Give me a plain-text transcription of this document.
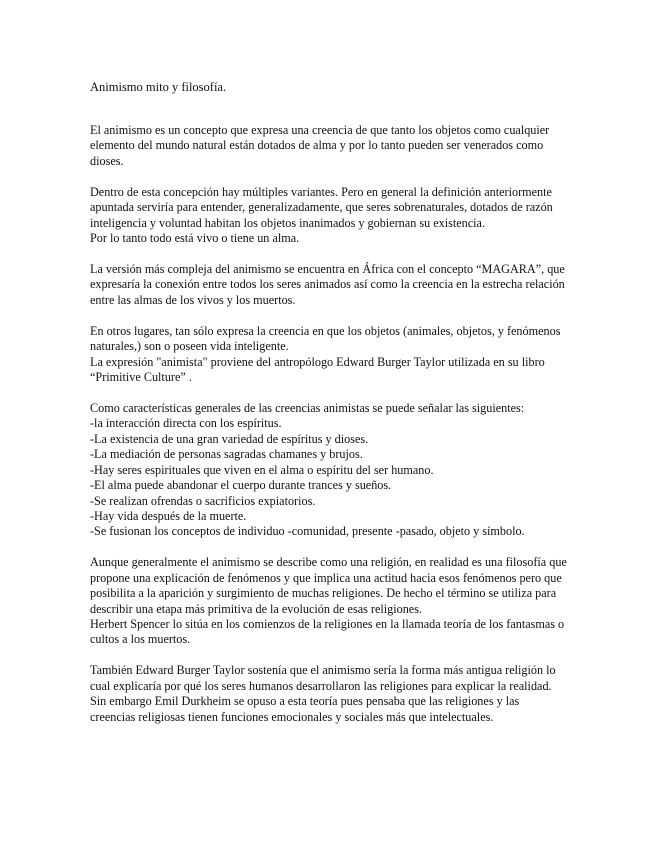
Animismo mito y filosofía.

El animismo es un concepto que expresa una creencia de que tanto los objetos como cualquier
elemento del mundo natural están dotados de alma y por lo tanto pueden ser venerados como
dioses.

Dentro de esta concepción hay múltiples variantes. Pero en general la definición anteriormente
apuntada serviría para entender, generalizadamente, que seres sobrenaturales, dotados de razón
inteligencia y voluntad habitan los objetos inanimados y gobiernan su existencia.
Por lo tanto todo está vivo o tiene un alma.

La versión más compleja del animismo se encuentra en África con el concepto “MAGARA”, que
expresaría la conexión entre todos los seres animados así como la creencia en la estrecha relación
entre las almas de los vivos y los muertos.

En otros lugares, tan sólo expresa la creencia en que los objetos (animales, objetos, y fenómenos
naturales,) son o poseen vida inteligente.
La expresión "animista" proviene del antropólogo Edward Burger Taylor utilizada en su libro
“Primitive Culture” .

Como características generales de las creencias animistas se puede señalar las siguientes:
-la interacción directa con los espíritus.
-La existencia de una gran variedad de espíritus y dioses.
-La mediación de personas sagradas chamanes y brujos.
-Hay seres espirituales que viven en el alma o espíritu del ser humano.
-El alma puede abandonar el cuerpo durante trances y sueños.
-Se realizan ofrendas o sacrificios expiatorios.
-Hay vida después de la muerte.
-Se fusionan los conceptos de individuo -comunidad, presente -pasado, objeto y símbolo.

Aunque generalmente el animismo se describe como una religión, en realidad es una filosofía que
propone una explicación de fenómenos y que implica una actitud hacia esos fenómenos pero que
posibilita a la aparición y surgimiento de muchas religiones. De hecho el término se utiliza para
describir una etapa más primitiva de la evolución de esas religiones.
Herbert Spencer lo sitúa en los comienzos de la religiones en la llamada teoría de los fantasmas o
cultos a los muertos.

También Edward Burger Taylor sostenía que el animismo sería la forma más antigua religión lo
cual explicaría por qué los seres humanos desarrollaron las religiones para explicar la realidad.
Sin embargo Emil Durkheim se opuso a esta teoría pues pensaba que las religiones y las
creencias religiosas tienen funciones emocionales y sociales más que intelectuales.
